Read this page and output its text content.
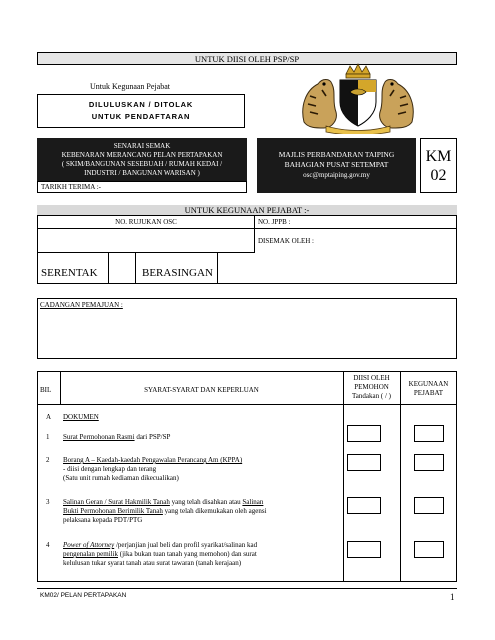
UNTUK DIISI OLEH PSP/SP
Untuk Kegunaan Pejabat
DILULUSKAN / DITOLAK
UNTUK PENDAFTARAN
SENARAI SEMAK
KEBENARAN MERANCANG PELAN PERTAPAKAN
( SKIM/BANGUNAN SESEBUAH / RUMAH KEDAI /
INDUSTRI / BANGUNAN WARISAN )
TARIKH TERIMA :-
MAJLIS PERBANDARAN TAIPING
BAHAGIAN PUSAT SETEMPAT
osc@mptaiping.gov.my
KM
02
UNTUK KEGUNAAN PEJABAT :-
NO. RUJUKAN OSC	NO. JPPB :
DISEMAK OLEH :
SERENTAK	BERASINGAN
CADANGAN PEMAJUAN :
BIL	SYARAT-SYARAT DAN KEPERLUAN
DIISI OLEH
PEMOHON
Tandakan ( / )
KEGUNAAN
PEJABAT
A DOKUMEN
1 Surat Permohonan Rasmi dari PSP/SP
2 Borang A – Kaedah-kaedah Pengawalan Perancang Am (KPPA)
- diisi dengan lengkap dan terang
(Satu unit rumah kediaman dikecualikan)
3 Salinan Geran / Surat Hakmilik Tanah yang telah disahkan atau Salinan
Bukti Permohonan Berimilik Tanah yang telah dikemukakan oleh agensi
pelaksana kepada PDT/PTG
4 Power of Attorney /perjanjian jual beli dan profil syarikat/salinan kad
pengenalan pemilik (jika bukan tuan tanah yang memohon) dan surat
kelulusan tukar syarat tanah atau surat tawaran (tanah kerajaan)
KM02/ PELAN PERTAPAKAN	1
